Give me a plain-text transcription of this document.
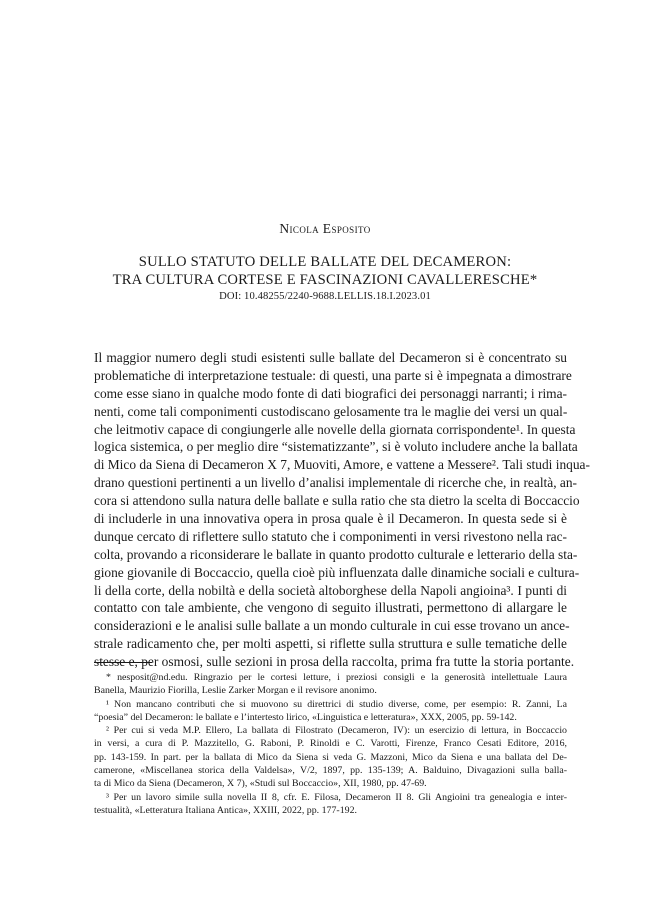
Nicola Esposito
SULLO STATUTO DELLE BALLATE DEL DECAMERON:
TRA CULTURA CORTESE E FASCINAZIONI CAVALLERESCHE*
DOI: 10.48255/2240-9688.LELLIS.18.I.2023.01
Il maggior numero degli studi esistenti sulle ballate del Decameron si è concentrato su
problematiche di interpretazione testuale: di questi, una parte si è impegnata a dimostrare
come esse siano in qualche modo fonte di dati biografici dei personaggi narranti; i rima-
nenti, come tali componimenti custodiscano gelosamente tra le maglie dei versi un qual-
che leitmotiv capace di congiungerle alle novelle della giornata corrispondente¹. In questa
logica sistemica, o per meglio dire “sistematizzante”, si è voluto includere anche la ballata
di Mico da Siena di Decameron X 7, Muoviti, Amore, e vattene a Messere². Tali studi inqua-
drano questioni pertinenti a un livello d’analisi implementale di ricerche che, in realtà, an-
cora si attendono sulla natura delle ballate e sulla ratio che sta dietro la scelta di Boccaccio
di includerle in una innovativa opera in prosa quale è il Decameron. In questa sede si è
dunque cercato di riflettere sullo statuto che i componimenti in versi rivestono nella rac-
colta, provando a riconsiderare le ballate in quanto prodotto culturale e letterario della sta-
gione giovanile di Boccaccio, quella cioè più influenzata dalle dinamiche sociali e cultura-
li della corte, della nobiltà e della società altoborghese della Napoli angioina³. I punti di
contatto con tale ambiente, che vengono di seguito illustrati, permettono di allargare le
considerazioni e le analisi sulle ballate a un mondo culturale in cui esse trovano un ance-
strale radicamento che, per molti aspetti, si riflette sulla struttura e sulle tematiche delle
stesse e, per osmosi, sulle sezioni in prosa della raccolta, prima fra tutte la storia portante.
* nesposit@nd.edu. Ringrazio per le cortesi letture, i preziosi consigli e la generosità intellettuale Laura
Banella, Maurizio Fiorilla, Leslie Zarker Morgan e il revisore anonimo.
¹ Non mancano contributi che si muovono su direttrici di studio diverse, come, per esempio: R. Zanni, La
“poesia” del Decameron: le ballate e l’intertesto lirico, «Linguistica e letteratura», XXX, 2005, pp. 59-142.
² Per cui si veda M.P. Ellero, La ballata di Filostrato (Decameron, IV): un esercizio di lettura, in Boccaccio
in versi, a cura di P. Mazzitello, G. Raboni, P. Rinoldi e C. Varotti, Firenze, Franco Cesati Editore, 2016,
pp. 143-159. In part. per la ballata di Mico da Siena si veda G. Mazzoni, Mico da Siena e una ballata del De-
camerone, «Miscellanea storica della Valdelsa», V/2, 1897, pp. 135-139; A. Balduino, Divagazioni sulla balla-
ta di Mico da Siena (Decameron, X 7), «Studi sul Boccaccio», XII, 1980, pp. 47-69.
³ Per un lavoro simile sulla novella II 8, cfr. E. Filosa, Decameron II 8. Gli Angioini tra genealogia e inter-
testualità, «Letteratura Italiana Antica», XXIII, 2022, pp. 177-192.
